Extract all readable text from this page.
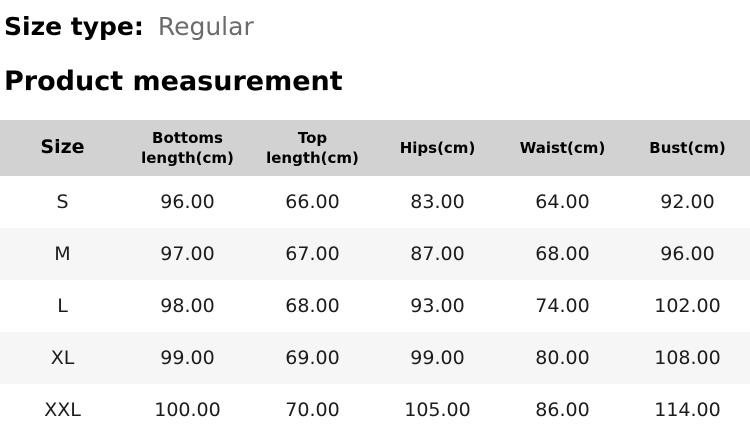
Size type: Regular
Product measurement
Size	Bottoms length(cm)	Top length(cm)	Hips(cm)	Waist(cm)	Bust(cm)
S	96.00	66.00	83.00	64.00	92.00
M	97.00	67.00	87.00	68.00	96.00
L	98.00	68.00	93.00	74.00	102.00
XL	99.00	69.00	99.00	80.00	108.00
XXL	100.00	70.00	105.00	86.00	114.00
